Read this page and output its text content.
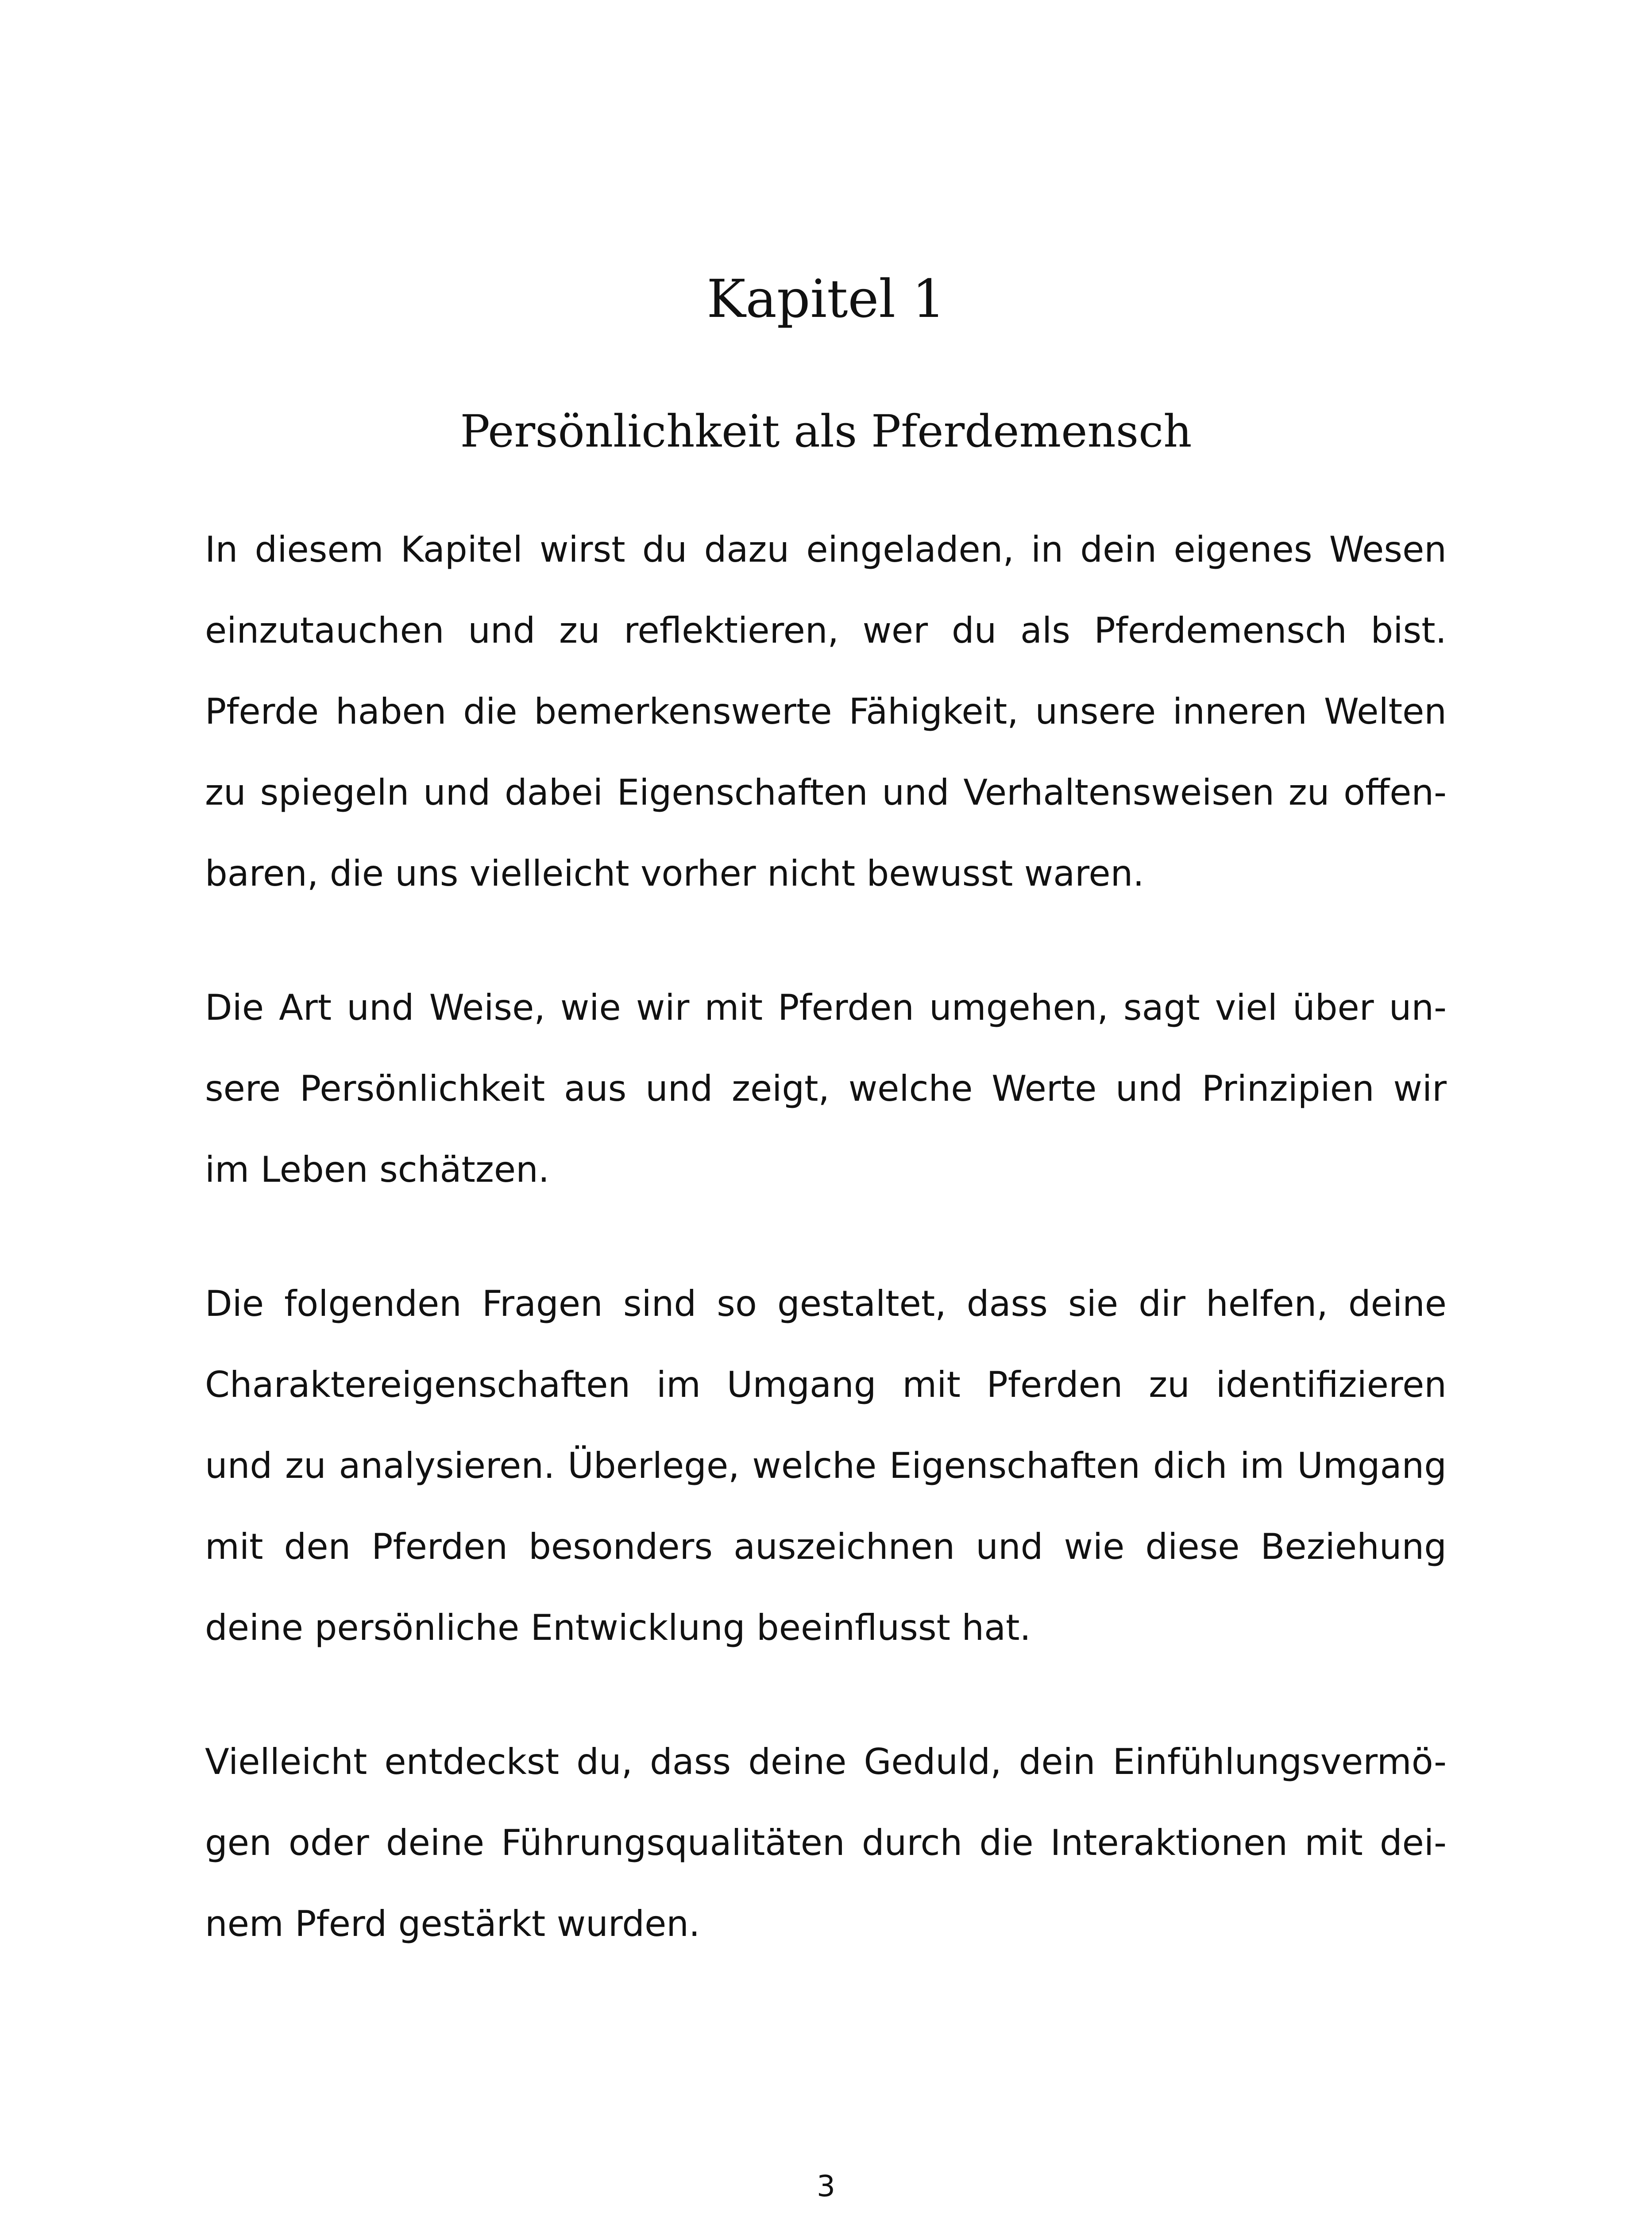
Kapitel 1
Persönlichkeit als Pferdemensch

In diesem Kapitel wirst du dazu eingeladen, in dein eigenes Wesen
einzutauchen und zu reflektieren, wer du als Pferdemensch bist.
Pferde haben die bemerkenswerte Fähigkeit, unsere inneren Welten
zu spiegeln und dabei Eigenschaften und Verhaltensweisen zu offen-
baren, die uns vielleicht vorher nicht bewusst waren.

Die Art und Weise, wie wir mit Pferden umgehen, sagt viel über un-
sere Persönlichkeit aus und zeigt, welche Werte und Prinzipien wir
im Leben schätzen.

Die folgenden Fragen sind so gestaltet, dass sie dir helfen, deine
Charaktereigenschaften im Umgang mit Pferden zu identifizieren
und zu analysieren. Überlege, welche Eigenschaften dich im Umgang
mit den Pferden besonders auszeichnen und wie diese Beziehung
deine persönliche Entwicklung beeinflusst hat.

Vielleicht entdeckst du, dass deine Geduld, dein Einfühlungsvermö-
gen oder deine Führungsqualitäten durch die Interaktionen mit dei-
nem Pferd gestärkt wurden.

3
